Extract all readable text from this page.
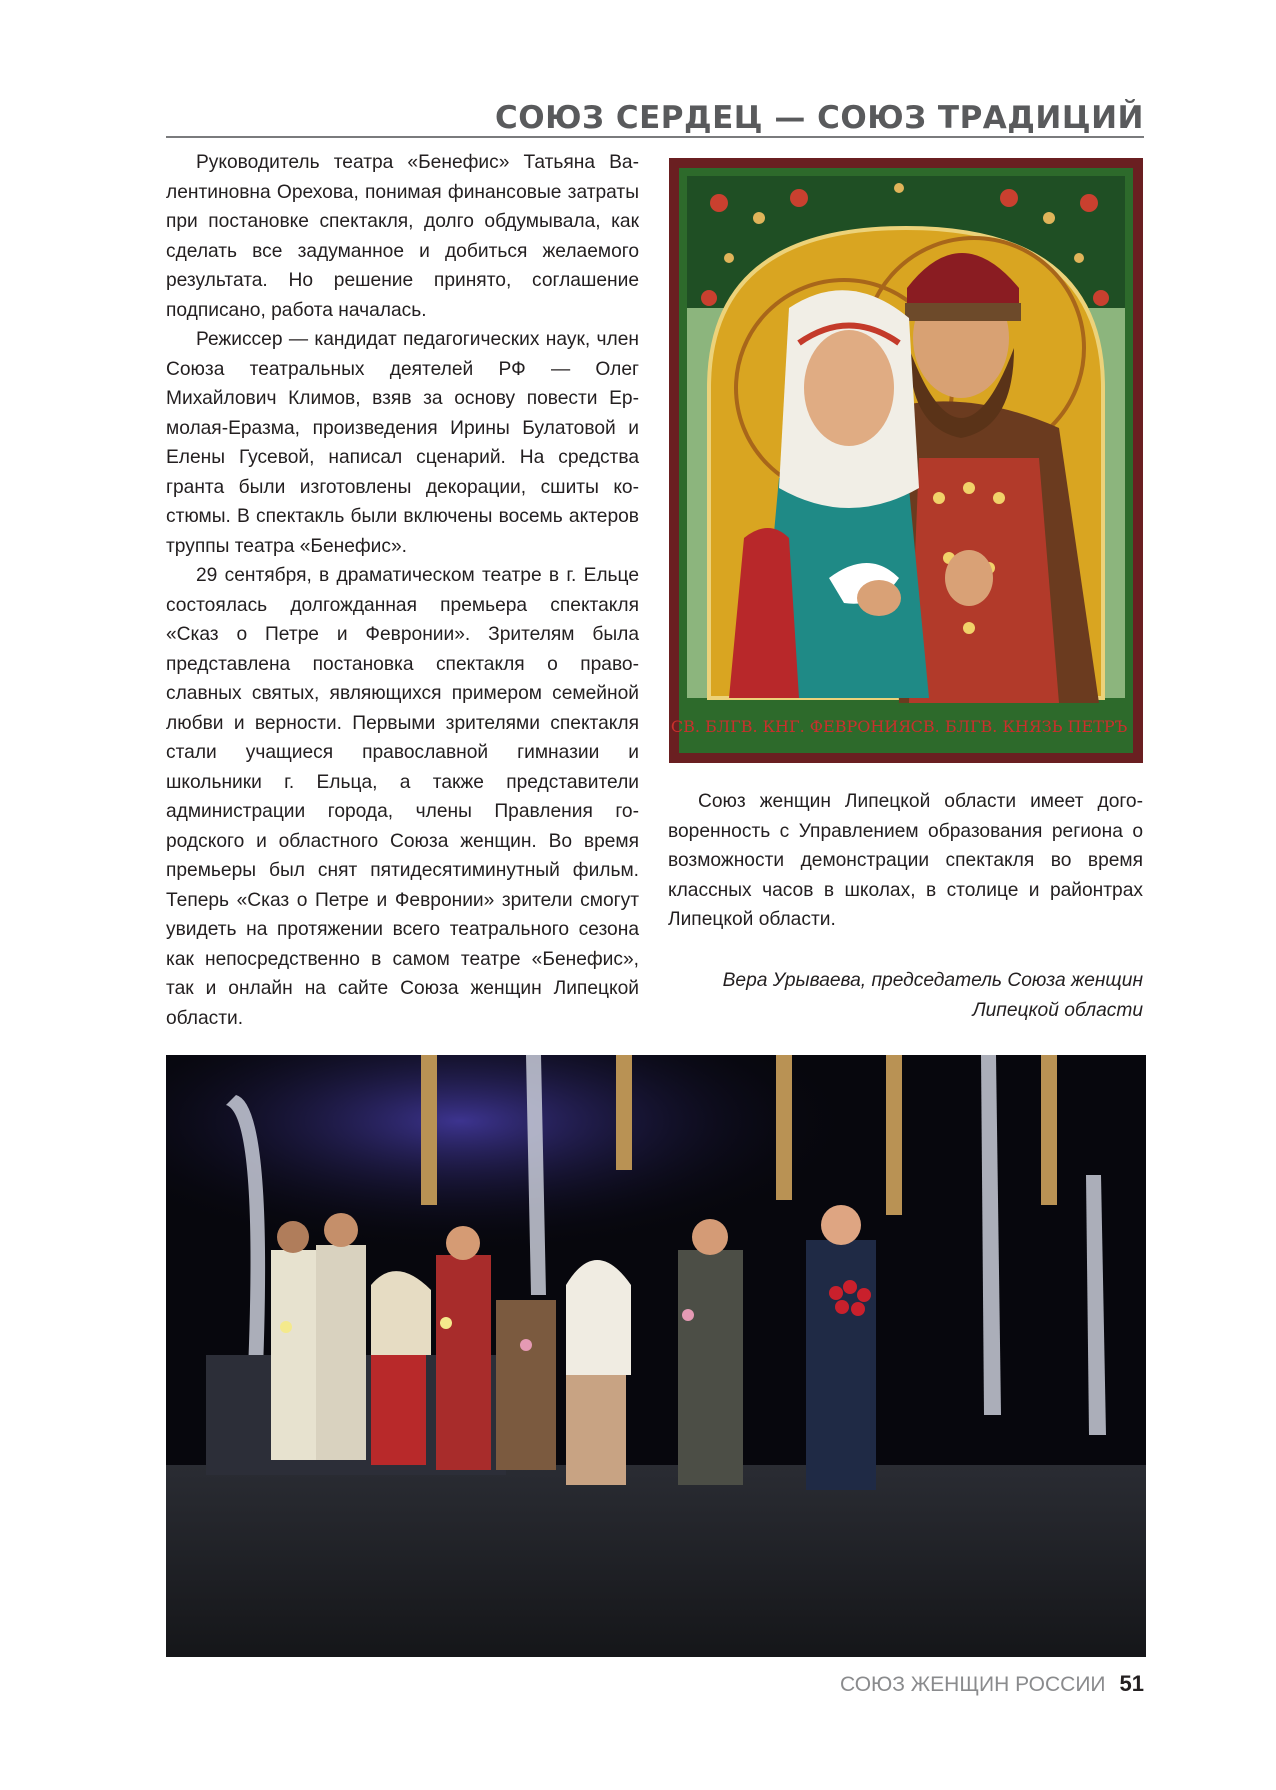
СОЮЗ СЕРДЕЦ — СОЮЗ ТРАДИЦИЙ

Руководитель театра «Бенефис» Татьяна Валентиновна Орехова, понимая финансовые затраты при постановке спектакля, долго обдумывала, как сделать все задуманное и добиться желаемого результата. Но решение принято, соглашение подписано, работа началась.

Режиссер — кандидат педагогических наук, член Союза театральных деятелей РФ — Олег Михайлович Климов, взяв за основу повести Ермолая-Еразма, произведения Ирины Булатовой и Елены Гусевой, написал сценарий. На средства гранта были изготовлены декорации, сшиты костюмы. В спектакль были включены восемь актеров труппы театра «Бенефис».

29 сентября, в драматическом театре в г. Ельце состоялась долгожданная премьера спектакля «Сказ о Петре и Февронии». Зрителям была представлена постановка спектакля о православных святых, являющихся примером семейной любви и верности. Первыми зрителями спектакля стали учащиеся православной гимназии и школьники г. Ельца, а также представители администрации города, члены Правления городского и областного Союза женщин. Во время премьеры был снят пятидесятиминутный фильм. Теперь «Сказ о Петре и Февронии» зрители смогут увидеть на протяжении всего театрального сезона как непосредственно в самом театре «Бенефис», так и онлайн на сайте Союза женщин Липецкой области.

СВ. БЛГВ. КНГ. ФЕВРОНИЯ СВ. БЛГВ. КНЯЗЬ ПЕТРЪ

Союз женщин Липецкой области имеет договоренность с Управлением образования региона о возможности демонстрации спектакля во время классных часов в школах, в столице и районтрах Липецкой области.

Вера Урываева, председатель Союза женщин
Липецкой области
СОЮЗ ЖЕНЩИН РОССИИ 51
